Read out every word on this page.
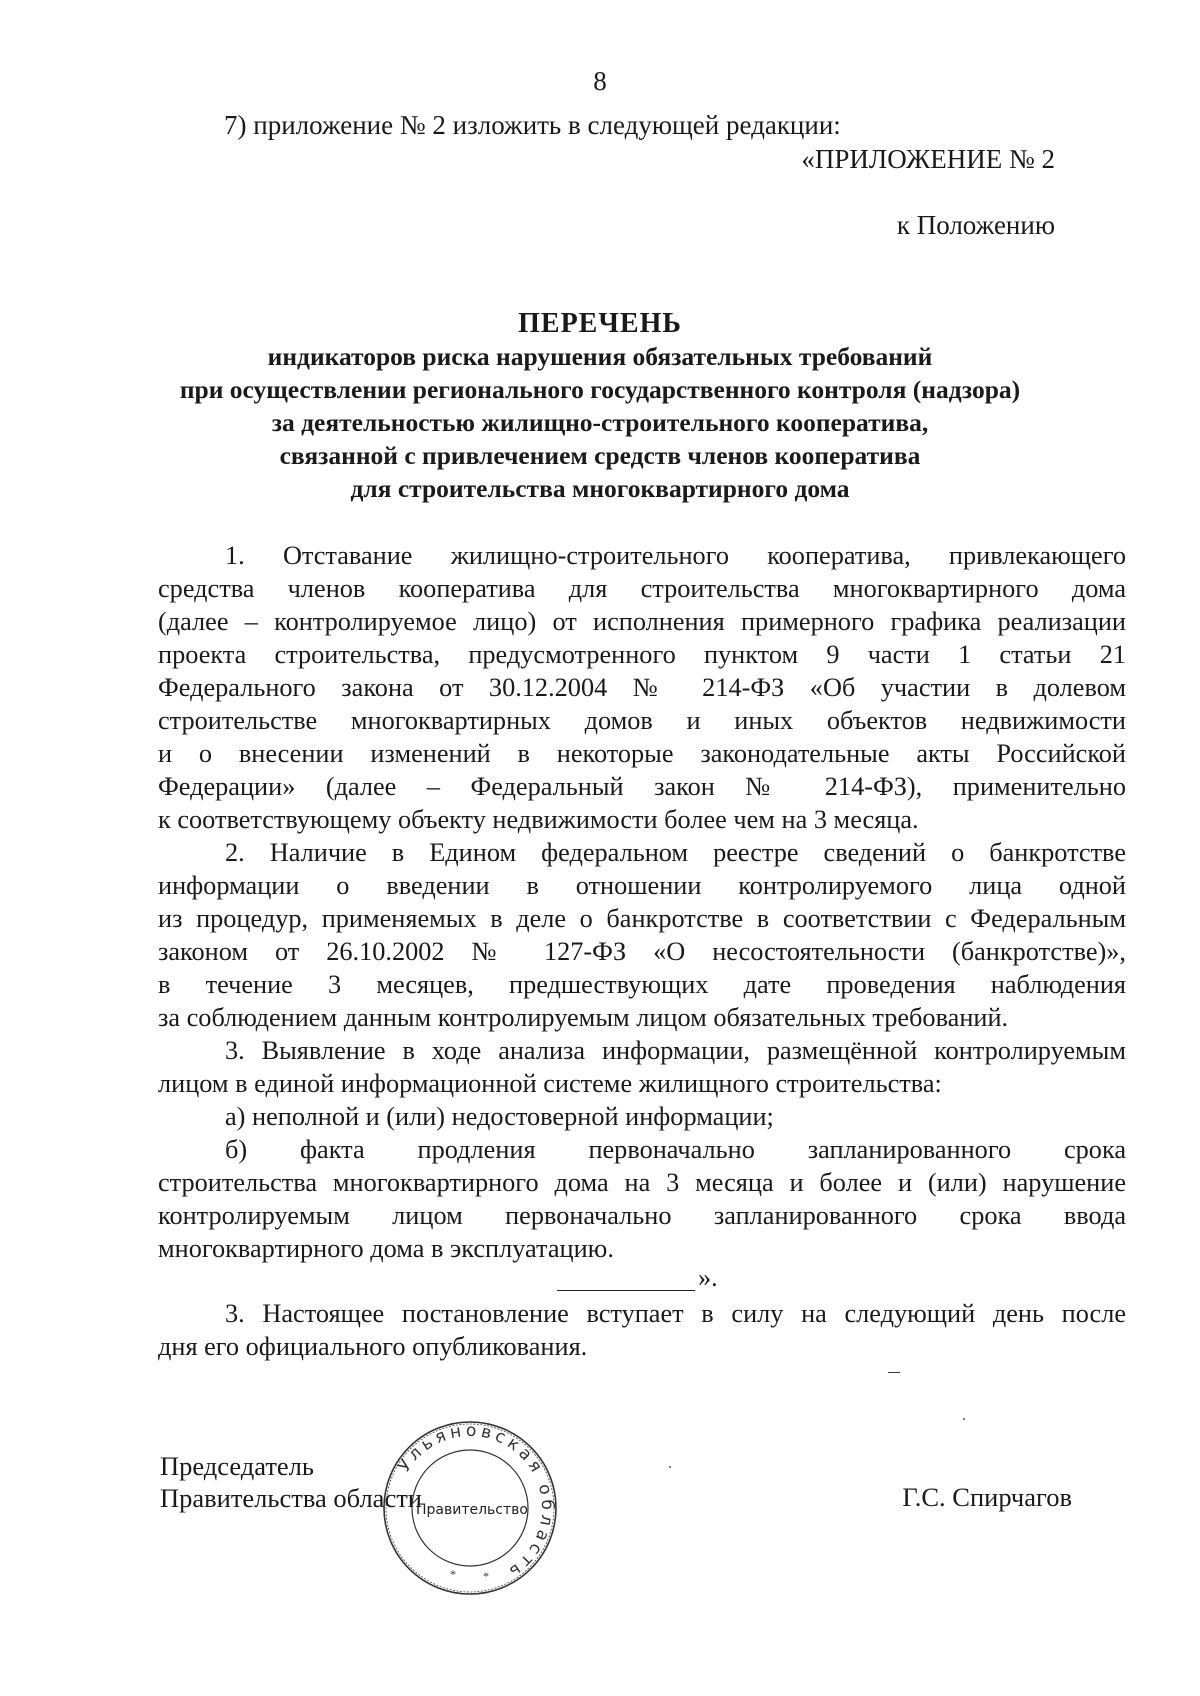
8
7) приложение № 2 изложить в следующей редакции:
«ПРИЛОЖЕНИЕ № 2
к Положению
ПЕРЕЧЕНЬ
индикаторов риска нарушения обязательных требований
при осуществлении регионального государственного контроля (надзора)
за деятельностью жилищно-строительного кооператива,
связанной с привлечением средств членов кооператива
для строительства многоквартирного дома
1. Отставание жилищно-строительного кооператива, привлекающего
средства членов кооператива для строительства многоквартирного дома
(далее – контролируемое лицо) от исполнения примерного графика реализации
проекта строительства, предусмотренного пунктом 9 части 1 статьи 21
Федерального закона от 30.12.2004 № 214-ФЗ «Об участии в долевом
строительстве многоквартирных домов и иных объектов недвижимости
и о внесении изменений в некоторые законодательные акты Российской
Федерации» (далее – Федеральный закон № 214-ФЗ), применительно
к соответствующему объекту недвижимости более чем на 3 месяца.
2. Наличие в Едином федеральном реестре сведений о банкротстве
информации о введении в отношении контролируемого лица одной
из процедур, применяемых в деле о банкротстве в соответствии с Федеральным
законом от 26.10.2002 № 127-ФЗ «О несостоятельности (банкротстве)»,
в течение 3 месяцев, предшествующих дате проведения наблюдения
за соблюдением данным контролируемым лицом обязательных требований.
3. Выявление в ходе анализа информации, размещённой контролируемым
лицом в единой информационной системе жилищного строительства:
а) неполной и (или) недостоверной информации;
б) факта продления первоначально запланированного срока
строительства многоквартирного дома на 3 месяца и более и (или) нарушение
контролируемым лицом первоначально запланированного срока ввода
многоквартирного дома в эксплуатацию.
».
3. Настоящее постановление вступает в силу на следующий день после
дня его официального опубликования.
Председатель
Правительства области	Г.С. Спирчагов
Ульяновская область
Правительство
* *
